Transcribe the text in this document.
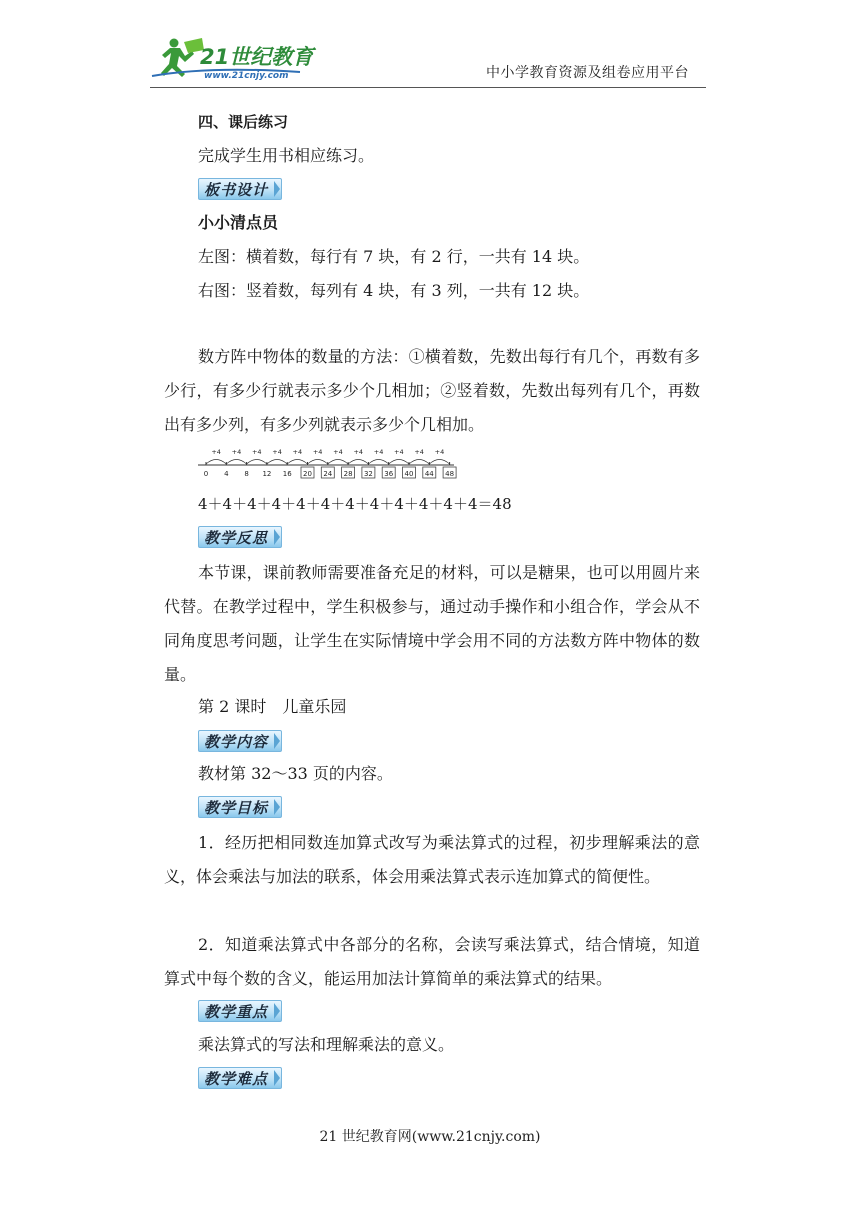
21世纪教育
www.21cnjy.com	中小学教育资源及组卷应用平台
四、课后练习
完成学生用书相应练习。
板书设计
小小清点员
左图：横着数，每行有 7 块，有 2 行，一共有 14 块。
右图：竖着数，每列有 4 块，有 3 列，一共有 12 块。
数方阵中物体的数量的方法：①横着数，先数出每行有几个，再数有多少行，有多少行就表示多少个几相加；②竖着数，先数出每列有几个，再数出有多少列，有多少列就表示多少个几相加。
+4 +4 +4 +4 +4 +4 +4 +4 +4 +4 +4 +4
0 4 8 12 16 20 24 28 32 36 40 44 48
4＋4＋4＋4＋4＋4＋4＋4＋4＋4＋4＋4＝48
教学反思
本节课，课前教师需要准备充足的材料，可以是糖果，也可以用圆片来代替。在教学过程中，学生积极参与，通过动手操作和小组合作，学会从不同角度思考问题，让学生在实际情境中学会用不同的方法数方阵中物体的数量。
第 2 课时　儿童乐园
教学内容
教材第 32～33 页的内容。
教学目标
1．经历把相同数连加算式改写为乘法算式的过程，初步理解乘法的意义，体会乘法与加法的联系，体会用乘法算式表示连加算式的简便性。
2．知道乘法算式中各部分的名称，会读写乘法算式，结合情境，知道算式中每个数的含义，能运用加法计算简单的乘法算式的结果。
教学重点
乘法算式的写法和理解乘法的意义。
教学难点
21 世纪教育网(www.21cnjy.com)
